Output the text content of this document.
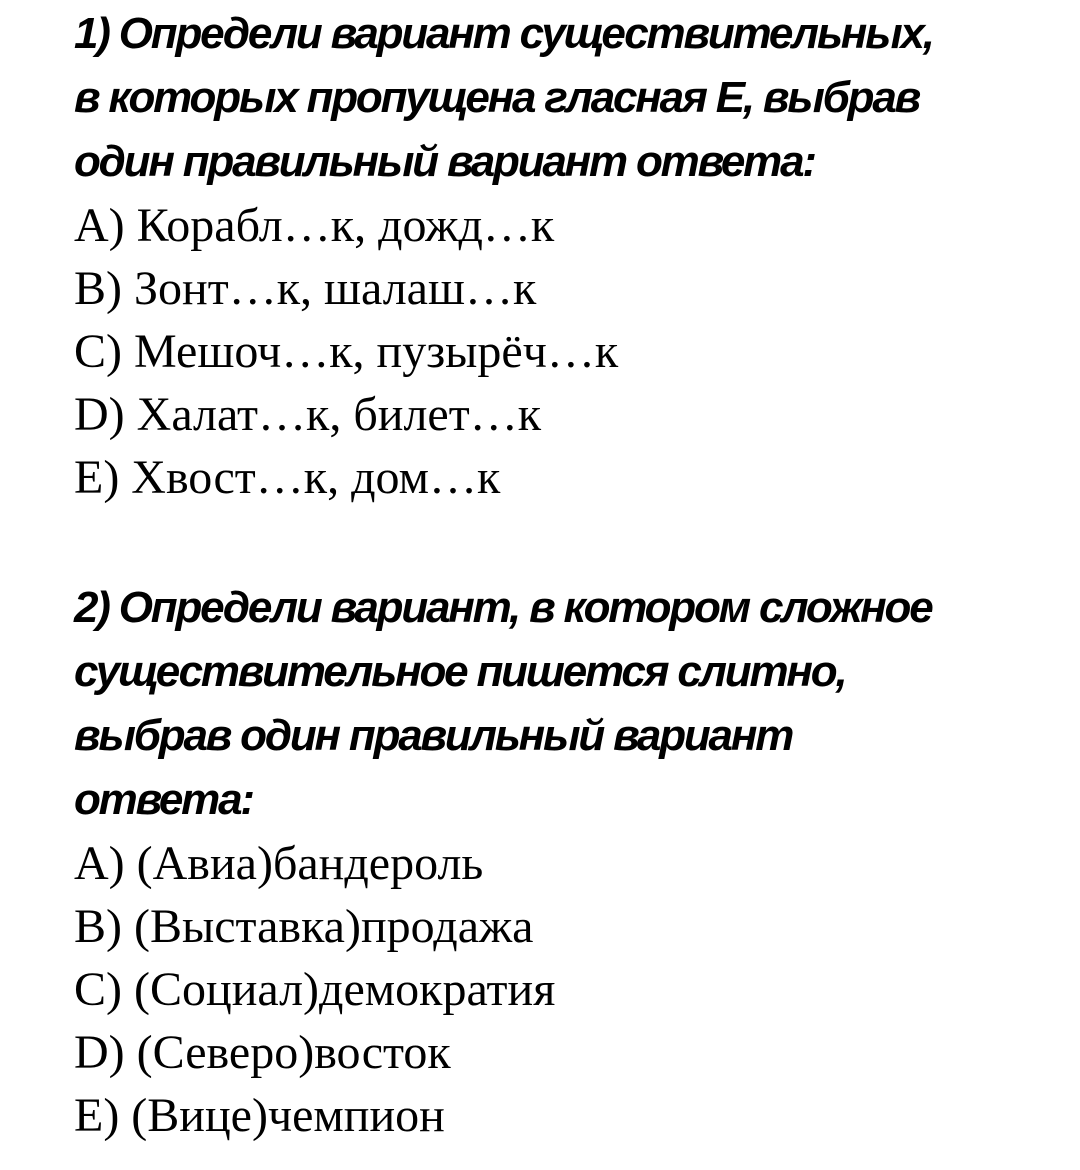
1) Определи вариант существительных,
в которых пропущена гласная Е, выбрав
один правильный вариант ответа:
А) Корабл…к, дожд…к
В) Зонт…к, шалаш…к
С) Мешоч…к, пузырёч…к
D) Халат…к, билет…к
Е) Хвост…к, дом…к
2) Определи вариант, в котором сложное
существительное пишется слитно,
выбрав один правильный вариант
ответа:
А) (Авиа)бандероль
В) (Выставка)продажа
С) (Социал)демократия
D) (Северо)восток
Е) (Вице)чемпион
